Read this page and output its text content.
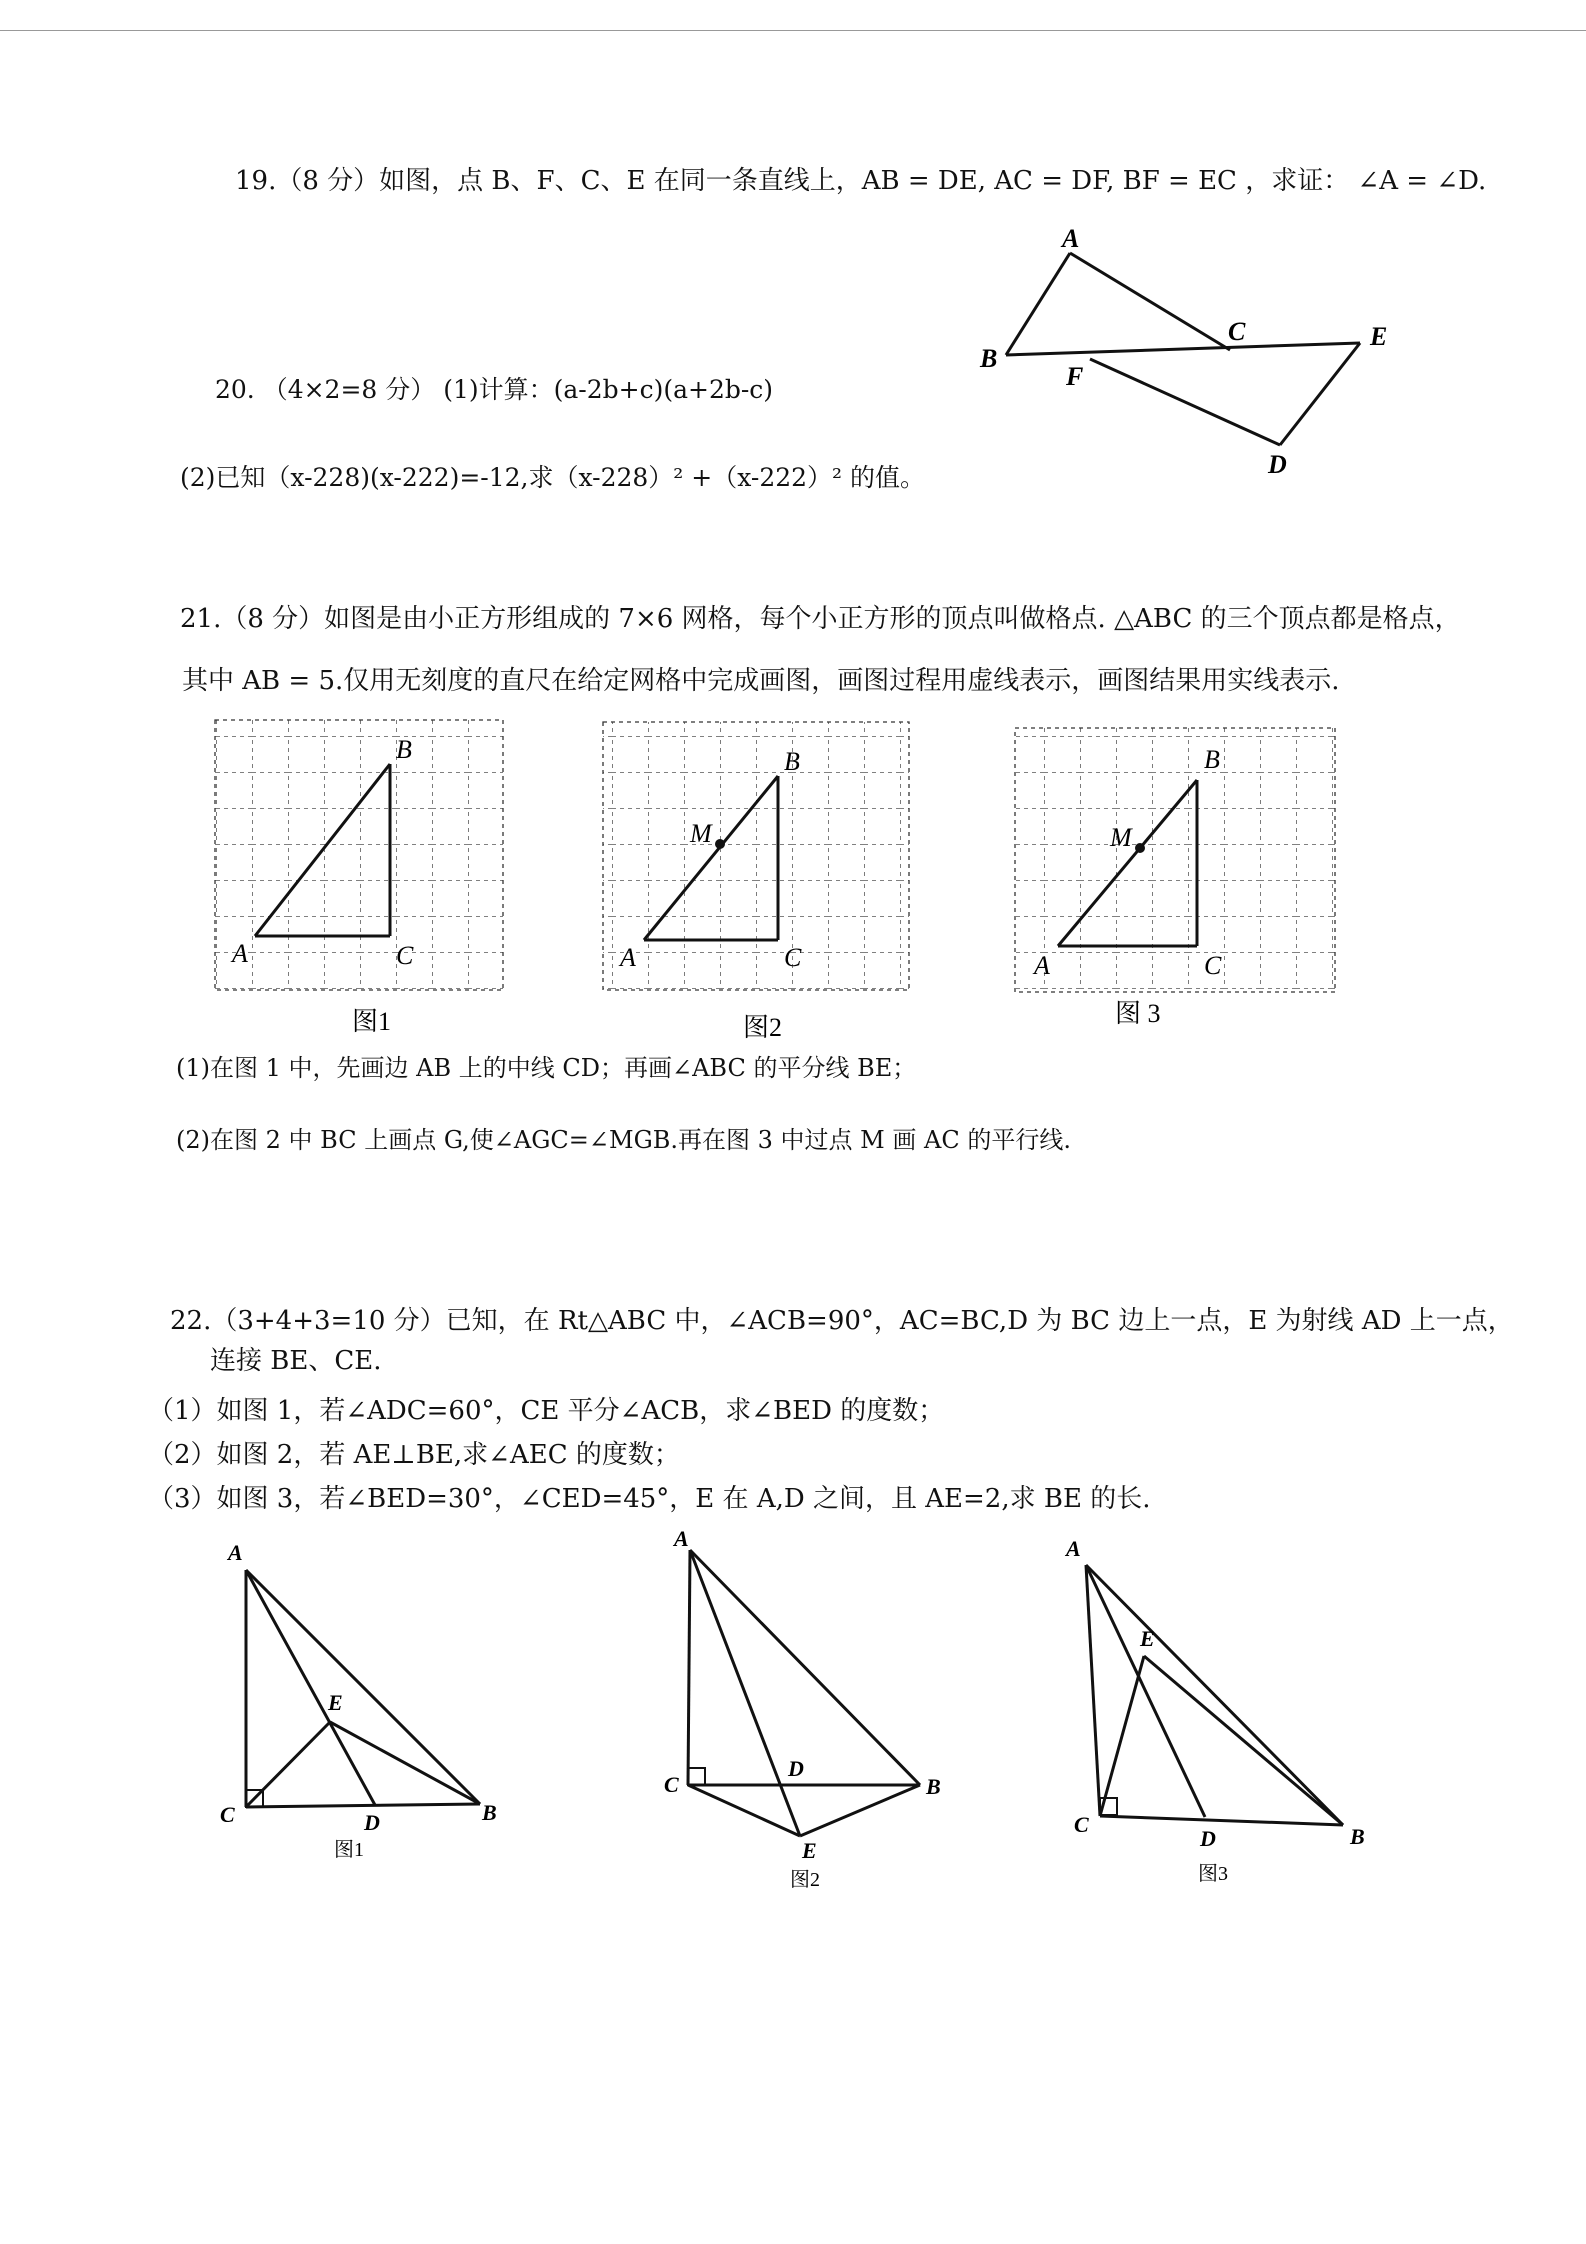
19.（8 分）如图，点 B、F、C、E 在同一条直线上，AB = DE, AC = DF, BF = EC ，求证： ∠A = ∠D.
A
B
C	E
F
D
20. （4×2=8 分） (1)计算：(a-2b+c)(a+2b-c)
(2)已知（x-228)(x-222)=-12,求（x-228）² +（x-222）² 的值。
21.（8 分）如图是由小正方形组成的 7×6 网格，每个小正方形的顶点叫做格点. △ABC 的三个顶点都是格点，
其中 AB = 5.仅用无刻度的直尺在给定网格中完成画图，画图过程用虚线表示，画图结果用实线表示.
B
A	C
B
M
A	C
B
M
A	C
图1	图2	图 3
(1)在图 1 中，先画边 AB 上的中线 CD；再画∠ABC 的平分线 BE；
(2)在图 2 中 BC 上画点 G,使∠AGC=∠MGB.再在图 3 中过点 M 画 AC 的平行线.
22.（3+4+3=10 分）已知，在 Rt△ABC 中，∠ACB=90°，AC=BC,D 为 BC 边上一点，E 为射线 AD 上一点，
连接 BE、CE.
（1）如图 1，若∠ADC=60°，CE 平分∠ACB，求∠BED 的度数；
（2）如图 2，若 AE⊥BE,求∠AEC 的度数；
（3）如图 3，若∠BED=30°，∠CED=45°，E 在 A,D 之间，且 AE=2,求 BE 的长.
A
C	D	B
E
图1
A
C
D
B
E
图2
A
C
D	B
E
图3
